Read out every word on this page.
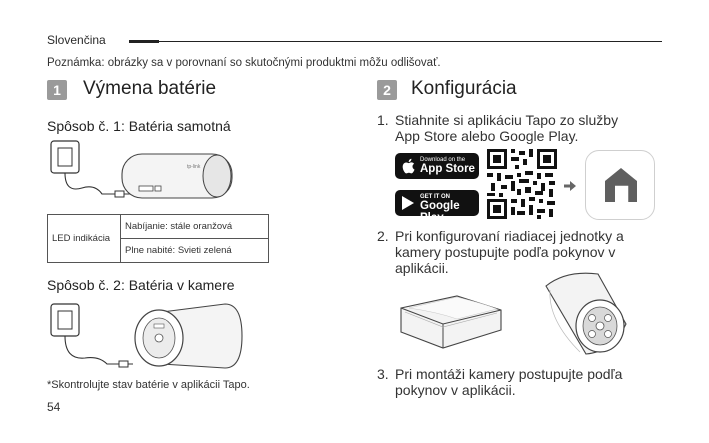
Slovenčina
Poznámka: obrázky sa v porovnaní so skutočnými produktmi môžu odlišovať.
1	Výmena batérie
Spôsob č. 1: Batéria samotná
tp-link
LED indikácia	Nabíjanie: stále oranžová
Plne nabité: Svieti zelená
Spôsob č. 2: Batéria v kamere
*Skontrolujte stav batérie v aplikácii Tapo.
54
2	Konfigurácia
1. Stiahnite si aplikáciu Tapo zo služby
App Store alebo Google Play.
Download on the
App Store
GET IT ON
Google Play
2. Pri konfigurovaní riadiacej jednotky a
kamery postupujte podľa pokynov v
aplikácii.
3. Pri montáži kamery postupujte podľa
pokynov v aplikácii.
